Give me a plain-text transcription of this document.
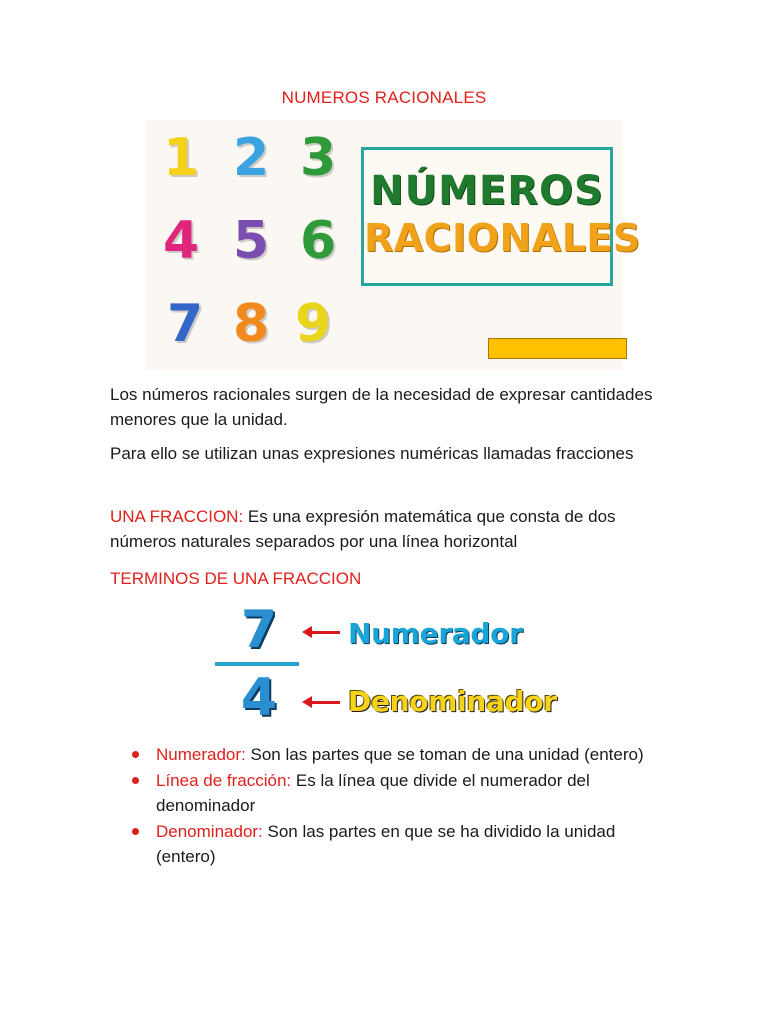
NUMEROS RACIONALES
1 2 3
4 5 6
7 8 9
NÚMEROS
RACIONALES
Los números racionales surgen de la necesidad de expresar cantidades menores que la unidad.
Para ello se utilizan unas expresiones numéricas llamadas fracciones
UNA FRACCION: Es una expresión matemática que consta de dos números naturales separados por una línea horizontal
TERMINOS DE UNA FRACCION
7
4
Numerador
Denominador
Numerador: Son las partes que se toman de una unidad (entero)
Línea de fracción: Es la línea que divide el numerador del denominador
Denominador: Son las partes en que se ha dividido la unidad (entero)
